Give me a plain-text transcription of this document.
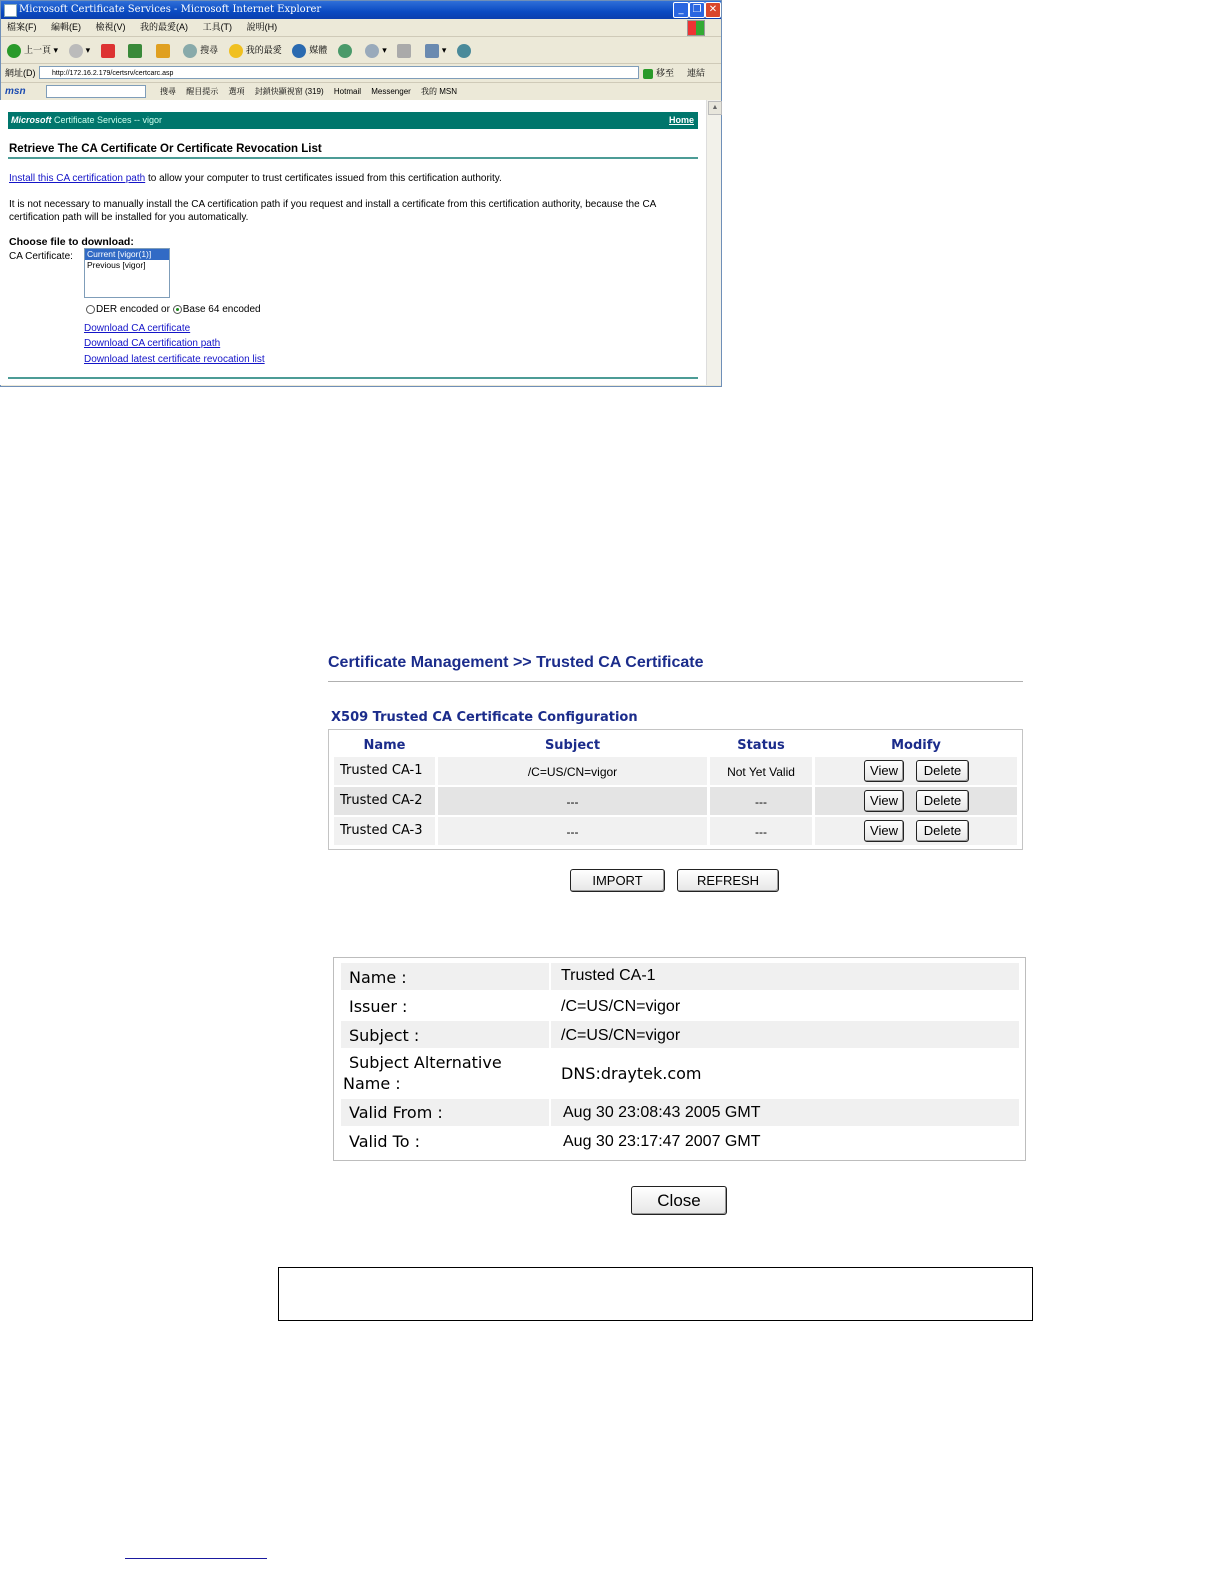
Microsoft Certificate Services - Microsoft Internet Explorer	_ ❐ ✕
檔案(F) 編輯(E) 檢視(V) 我的最愛(A) 工具(T) 說明(H)
上一頁 ▾	▾	搜尋	我的最愛	媒體	▾	▾
網址(D)	http://172.16.2.179/certsrv/certcarc.asp	移至 連結
msn	搜尋 醒目提示 選項 封鎖快顯視窗 (319) Hotmail Messenger 我的 MSN
Microsoft Certificate Services -- vigor	Home
Retrieve The CA Certificate Or Certificate Revocation List
Install this CA certification path to allow your computer to trust certificates issued from this certification authority.
It is not necessary to manually install the CA certification path if you request and install a certificate from this certification authority, because the CA certification path will be installed for you automatically.
Choose file to download:
CA Certificate:	Current [vigor(1)]
Previous [vigor]
DER encoded or Base 64 encoded
Download CA certificate
Download CA certification path
Download latest certificate revocation list
▲
Certificate Management >> Trusted CA Certificate
X509 Trusted CA Certificate Configuration
Name	Subject	Status	Modify
Trusted CA-1	/C=US/CN=vigor	Not Yet Valid	View	Delete
Trusted CA-2	---	---	View	Delete
Trusted CA-3	---	---	View	Delete
IMPORT	REFRESH
Name :	Trusted CA-1
Issuer :	/C=US/CN=vigor
Subject :	/C=US/CN=vigor
Subject Alternative Name :
DNS:draytek.com
Valid From :	Aug 30 23:08:43 2005 GMT
Valid To :	Aug 30 23:17:47 2007 GMT
Close
